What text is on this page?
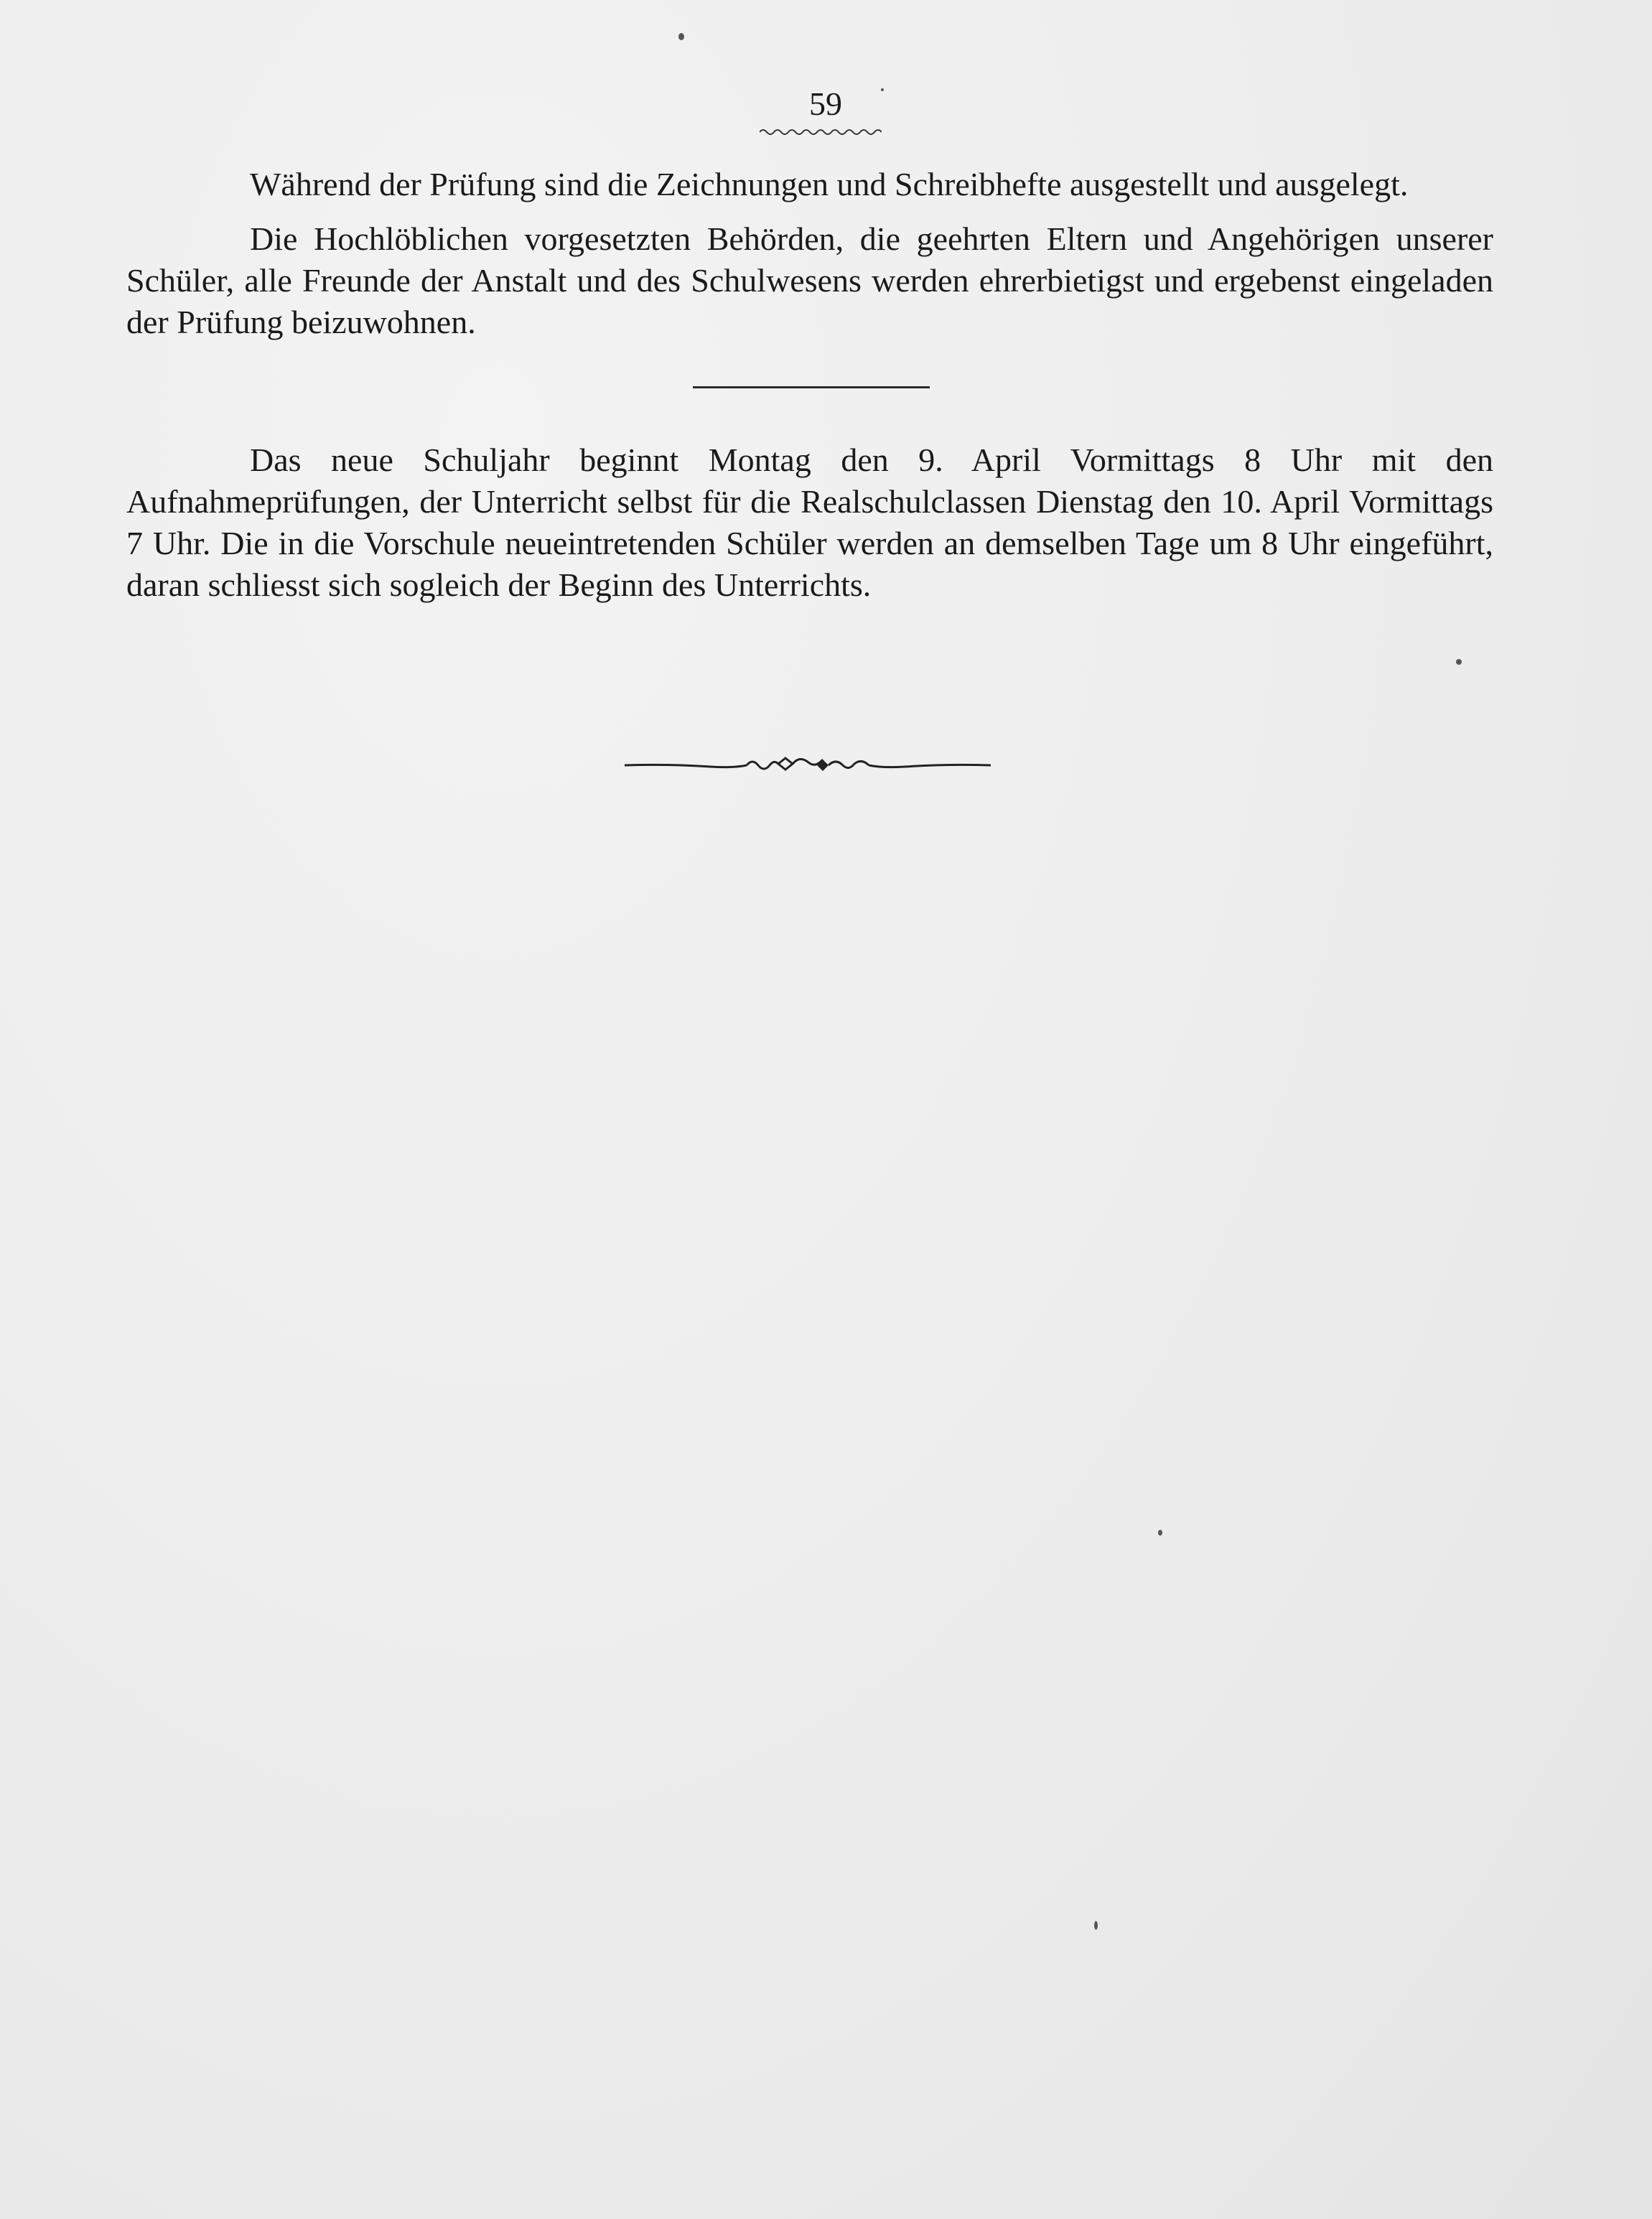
59

Während der Prüfung sind die Zeichnungen und Schreibhefte ausgestellt und ausgelegt.

Die Hochlöblichen vorgesetzten Behörden, die geehrten Eltern und Angehörigen unserer Schüler, alle Freunde der Anstalt und des Schulwesens werden ehrerbietigst und ergebenst eingeladen der Prüfung beizuwohnen.

Das neue Schuljahr beginnt Montag den 9. April Vormittags 8 Uhr mit den Aufnahmeprüfungen, der Unterricht selbst für die Realschulclassen Dienstag den 10. April Vormittags 7 Uhr. Die in die Vorschule neueintretenden Schüler werden an demselben Tage um 8 Uhr eingeführt, daran schliesst sich sogleich der Beginn des Unterrichts.
